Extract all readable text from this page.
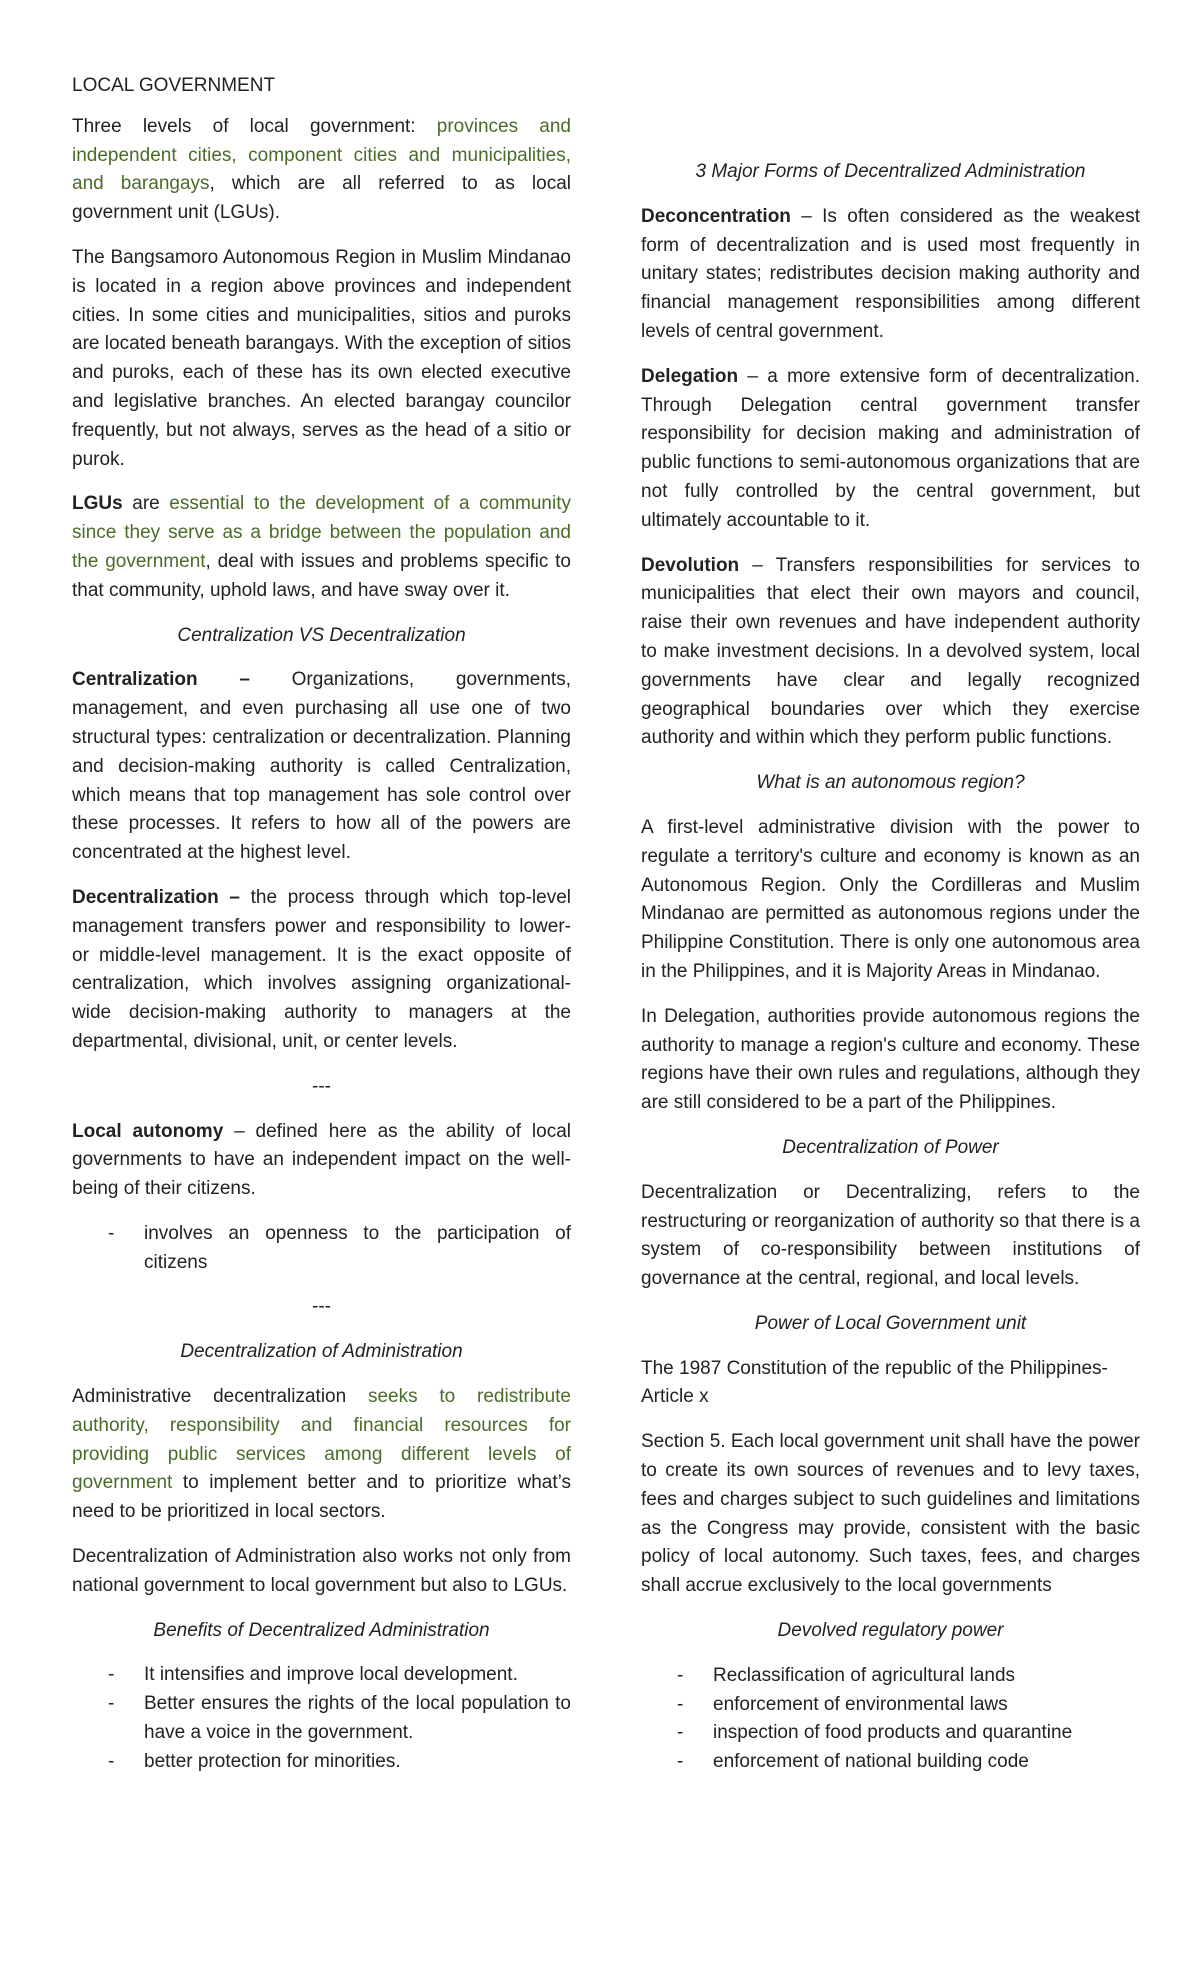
LOCAL GOVERNMENT

Three levels of local government: provinces and independent cities, component cities and municipalities, and barangays, which are all referred to as local government unit (LGUs).

The Bangsamoro Autonomous Region in Muslim Mindanao is located in a region above provinces and independent cities. In some cities and municipalities, sitios and puroks are located beneath barangays. With the exception of sitios and puroks, each of these has its own elected executive and legislative branches. An elected barangay councilor frequently, but not always, serves as the head of a sitio or purok.

LGUs are essential to the development of a community since they serve as a bridge between the population and the government, deal with issues and problems specific to that community, uphold laws, and have sway over it.

Centralization VS Decentralization

Centralization – Organizations, governments, management, and even purchasing all use one of two structural types: centralization or decentralization. Planning and decision-making authority is called Centralization, which means that top management has sole control over these processes. It refers to how all of the powers are concentrated at the highest level.

Decentralization – the process through which top-level management transfers power and responsibility to lower- or middle-level management. It is the exact opposite of centralization, which involves assigning organizational-wide decision-making authority to managers at the departmental, divisional, unit, or center levels.

---

Local autonomy – defined here as the ability of local governments to have an independent impact on the well-being of their citizens.

- involves an openness to the participation of citizens

---

Decentralization of Administration

Administrative decentralization seeks to redistribute authority, responsibility and financial resources for providing public services among different levels of government to implement better and to prioritize what’s need to be prioritized in local sectors.

Decentralization of Administration also works not only from national government to local government but also to LGUs.

Benefits of Decentralized Administration

- It intensifies and improve local development.
- Better ensures the rights of the local population to have a voice in the government.
- better protection for minorities.

3 Major Forms of Decentralized Administration

Deconcentration – Is often considered as the weakest form of decentralization and is used most frequently in unitary states; redistributes decision making authority and financial management responsibilities among different levels of central government.

Delegation – a more extensive form of decentralization. Through Delegation central government transfer responsibility for decision making and administration of public functions to semi-autonomous organizations that are not fully controlled by the central government, but ultimately accountable to it.

Devolution – Transfers responsibilities for services to municipalities that elect their own mayors and council, raise their own revenues and have independent authority to make investment decisions. In a devolved system, local governments have clear and legally recognized geographical boundaries over which they exercise authority and within which they perform public functions.

What is an autonomous region?

A first-level administrative division with the power to regulate a territory's culture and economy is known as an Autonomous Region. Only the Cordilleras and Muslim Mindanao are permitted as autonomous regions under the Philippine Constitution. There is only one autonomous area in the Philippines, and it is Majority Areas in Mindanao.

In Delegation, authorities provide autonomous regions the authority to manage a region's culture and economy. These regions have their own rules and regulations, although they are still considered to be a part of the Philippines.

Decentralization of Power

Decentralization or Decentralizing, refers to the restructuring or reorganization of authority so that there is a system of co-responsibility between institutions of governance at the central, regional, and local levels.

Power of Local Government unit

The 1987 Constitution of the republic of the Philippines- Article x

Section 5. Each local government unit shall have the power to create its own sources of revenues and to levy taxes, fees and charges subject to such guidelines and limitations as the Congress may provide, consistent with the basic policy of local autonomy. Such taxes, fees, and charges shall accrue exclusively to the local governments

Devolved regulatory power

- Reclassification of agricultural lands
- enforcement of environmental laws
- inspection of food products and quarantine
- enforcement of national building code
